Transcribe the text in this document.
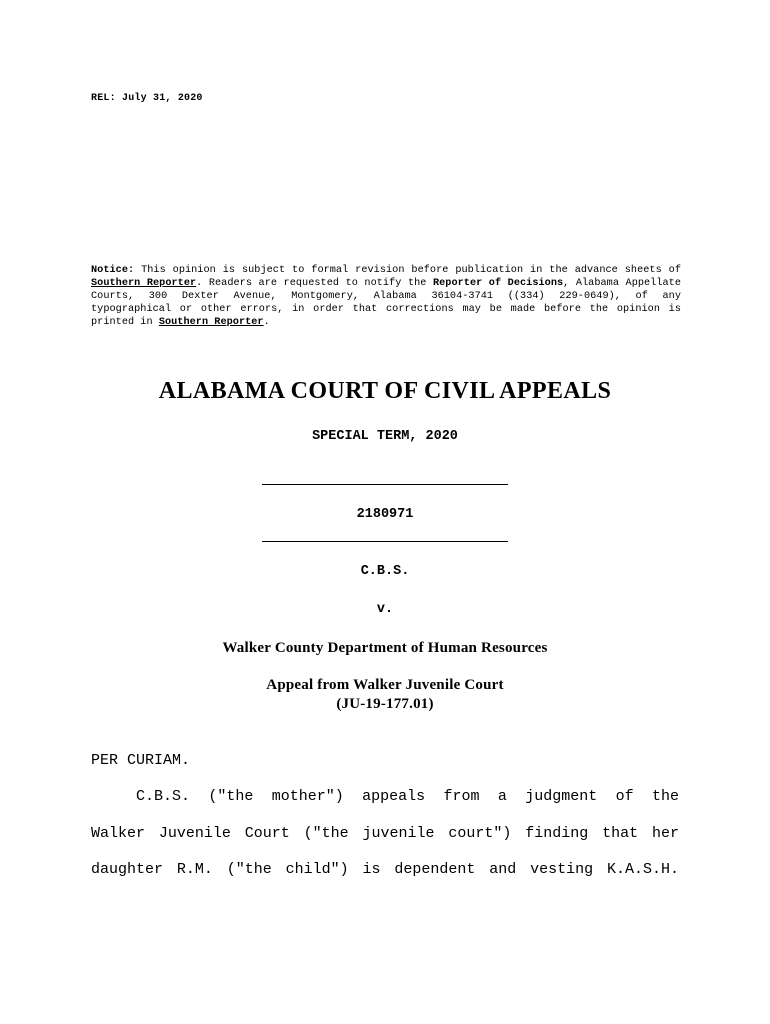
REL: July 31, 2020
Notice: This opinion is subject to formal revision before publication in the advance sheets of Southern Reporter. Readers are requested to notify the Reporter of Decisions, Alabama Appellate Courts, 300 Dexter Avenue, Montgomery, Alabama 36104-3741 ((334) 229-0649), of any typographical or other errors, in order that corrections may be made before the opinion is printed in Southern Reporter.
ALABAMA COURT OF CIVIL APPEALS
SPECIAL TERM, 2020
2180971
C.B.S.
v.
Walker County Department of Human Resources
Appeal from Walker Juvenile Court
(JU-19-177.01)
PER CURIAM.
C.B.S. ("the mother") appeals from a judgment of the
Walker Juvenile Court ("the juvenile court") finding that her
daughter R.M. ("the child") is dependent and vesting K.A.S.H.
